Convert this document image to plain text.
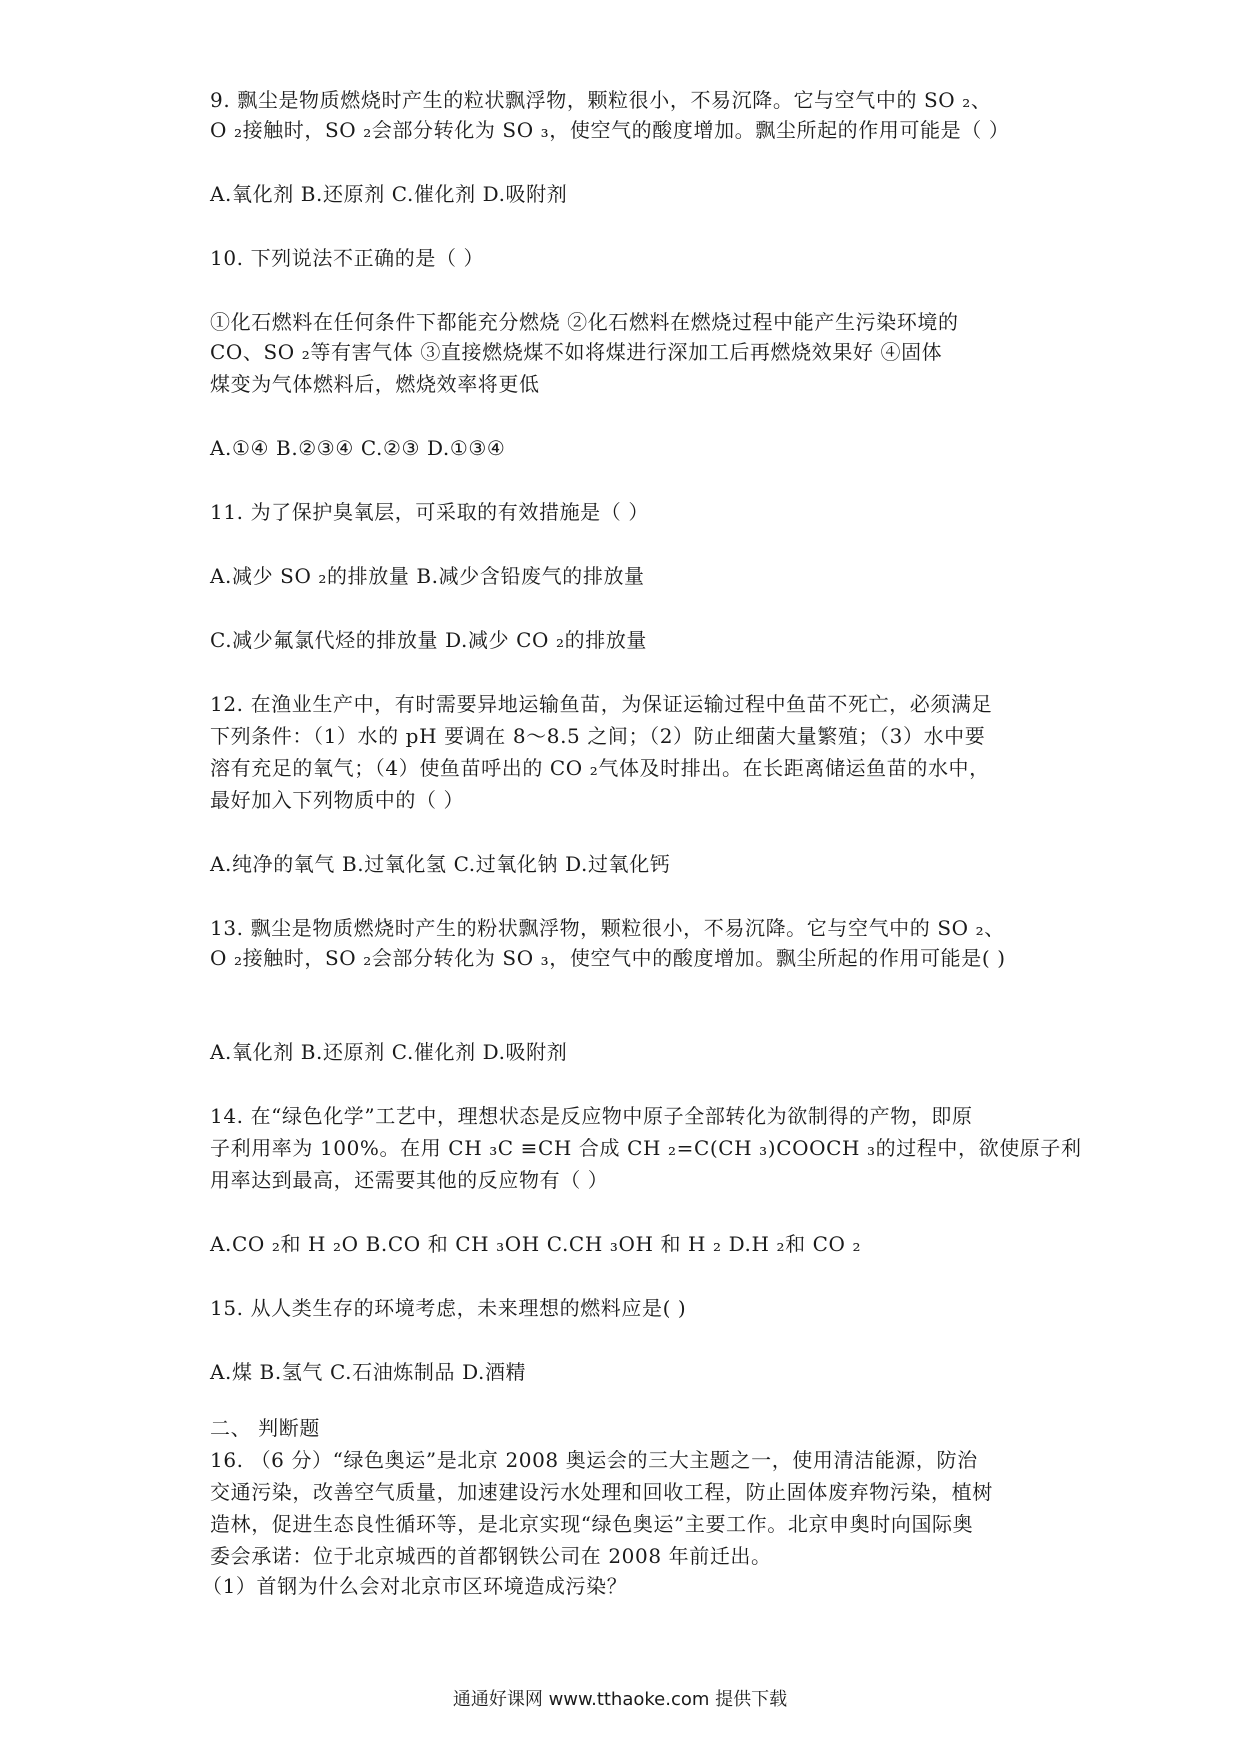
9. 飘尘是物质燃烧时产生的粒状飘浮物，颗粒很小，不易沉降。它与空气中的 SO ₂、
O ₂接触时，SO ₂会部分转化为 SO ₃，使空气的酸度增加。飘尘所起的作用可能是（ ）
A.氧化剂 B.还原剂 C.催化剂 D.吸附剂
10. 下列说法不正确的是（ ）
①化石燃料在任何条件下都能充分燃烧 ②化石燃料在燃烧过程中能产生污染环境的
CO、SO ₂等有害气体 ③直接燃烧煤不如将煤进行深加工后再燃烧效果好 ④固体
煤变为气体燃料后，燃烧效率将更低
A.①④ B.②③④ C.②③ D.①③④
11. 为了保护臭氧层，可采取的有效措施是（ ）
A.减少 SO ₂的排放量 B.减少含铅废气的排放量
C.减少氟氯代烃的排放量 D.减少 CO ₂的排放量
12. 在渔业生产中，有时需要异地运输鱼苗，为保证运输过程中鱼苗不死亡，必须满足
下列条件：（1）水的 pH 要调在 8～8.5 之间；（2）防止细菌大量繁殖；（3）水中要
溶有充足的氧气；（4）使鱼苗呼出的 CO ₂气体及时排出。在长距离储运鱼苗的水中，
最好加入下列物质中的（ ）
A.纯净的氧气 B.过氧化氢 C.过氧化钠 D.过氧化钙
13. 飘尘是物质燃烧时产生的粉状飘浮物，颗粒很小，不易沉降。它与空气中的 SO ₂、
O ₂接触时，SO ₂会部分转化为 SO ₃，使空气中的酸度增加。飘尘所起的作用可能是( )
A.氧化剂 B.还原剂 C.催化剂 D.吸附剂
14. 在“绿色化学”工艺中，理想状态是反应物中原子全部转化为欲制得的产物，即原
子利用率为 100%。在用 CH ₃C ≡CH 合成 CH ₂=C(CH ₃)COOCH ₃的过程中，欲使原子利
用率达到最高，还需要其他的反应物有（ ）
A.CO ₂和 H ₂O B.CO 和 CH ₃OH C.CH ₃OH 和 H ₂ D.H ₂和 CO ₂
15. 从人类生存的环境考虑，未来理想的燃料应是( )
A.煤 B.氢气 C.石油炼制品 D.酒精
二、 判断题
16. （6 分）“绿色奥运”是北京 2008 奥运会的三大主题之一，使用清洁能源，防治
交通污染，改善空气质量，加速建设污水处理和回收工程，防止固体废弃物污染，植树
造林，促进生态良性循环等，是北京实现“绿色奥运”主要工作。北京申奥时向国际奥
委会承诺：位于北京城西的首都钢铁公司在 2008 年前迁出。
（1）首钢为什么会对北京市区环境造成污染？
通通好课网 www.tthaoke.com 提供下载
